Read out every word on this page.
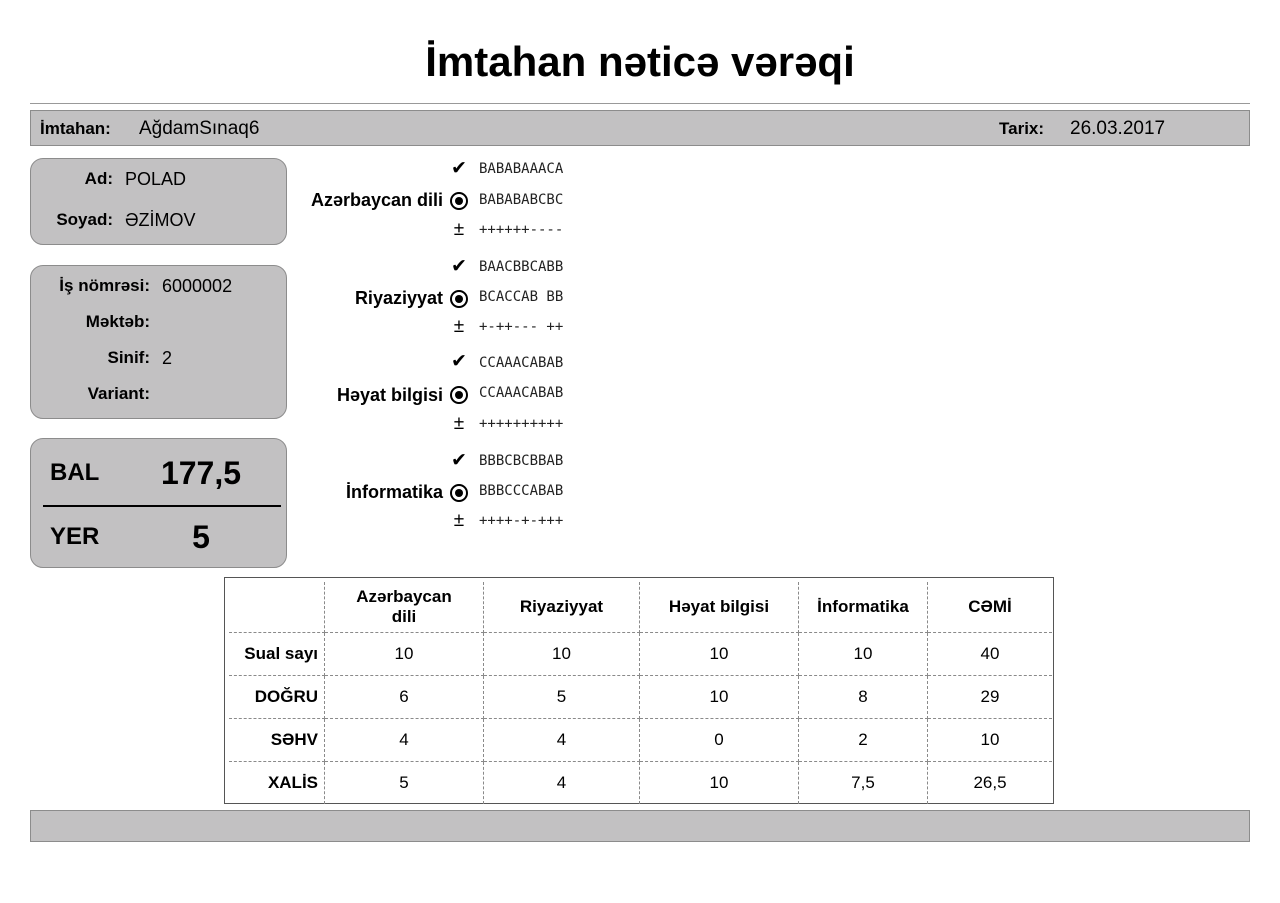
İmtahan nəticə vərəqi
İmtahan: AğdamSınaq6	Tarix: 26.03.2017
Ad: POLAD
Soyad: ƏZİMOV
İş nömrəsi: 6000002
Məktəb:
Sinif: 2
Variant:
BAL	177,5
YER	5
✔ BABABAAACA
Azərbaycan dili	BABABABCBC
±	++++++----
✔ BAACBBCABB
Riyaziyyat	BCACCAB BB
±	+-++--- ++
✔ CCAAACABAB
Həyat bilgisi	CCAAACABAB
±	++++++++++
✔ BBBCBCBBAB
İnformatika	BBBCCCABAB
±	++++-+-+++
	Azərbaycan
dili	Riyaziyyat	Həyat bilgisi	İnformatika	CƏMİ
Sual sayı	10	10	10	10	40
DOĞRU	6	5	10	8	29
SƏHV	4	4	0	2	10
XALİS	5	4	10	7,5	26,5
